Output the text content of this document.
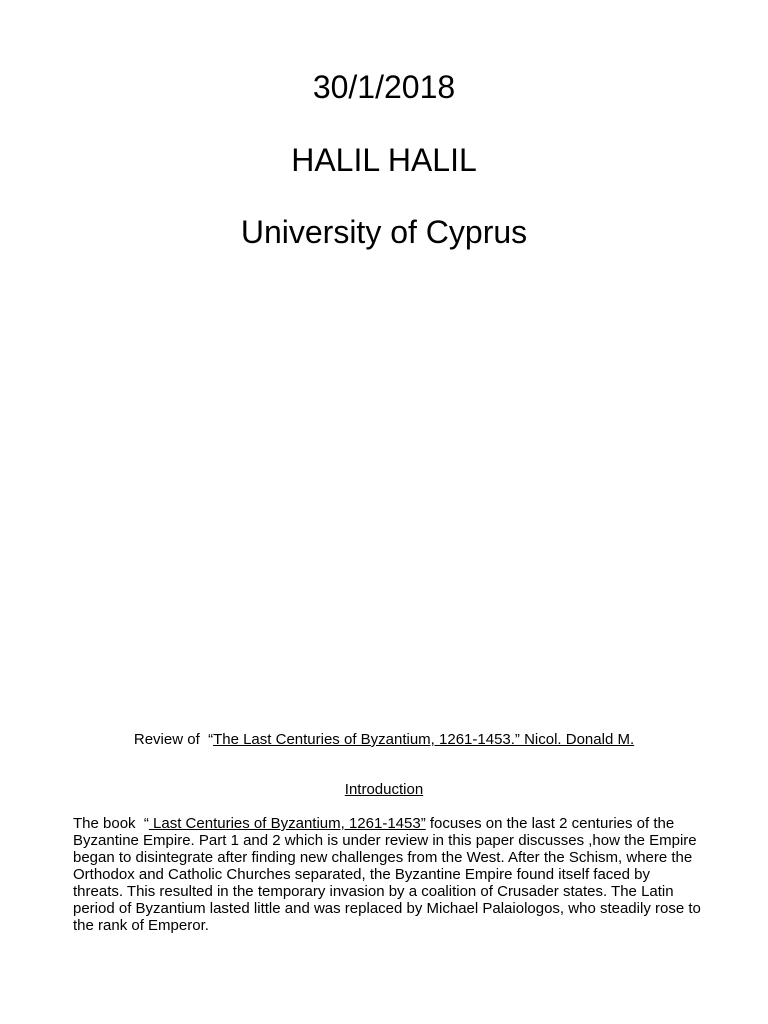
30/1/2018
HALIL HALIL
University of Cyprus
Review of  “The Last Centuries of Byzantium, 1261-1453.” Nicol. Donald M.
Introduction

The book  “ Last Centuries of Byzantium, 1261-1453” focuses on the last 2 centuries of the Byzantine Empire. Part 1 and 2 which is under review in this paper discusses ,how the Empire began to disintegrate after finding new challenges from the West. After the Schism, where the Orthodox and Catholic Churches separated, the Byzantine Empire found itself faced by threats. This resulted in the temporary invasion by a coalition of Crusader states. The Latin period of Byzantium lasted little and was replaced by Michael Palaiologos, who steadily rose to the rank of Emperor.
